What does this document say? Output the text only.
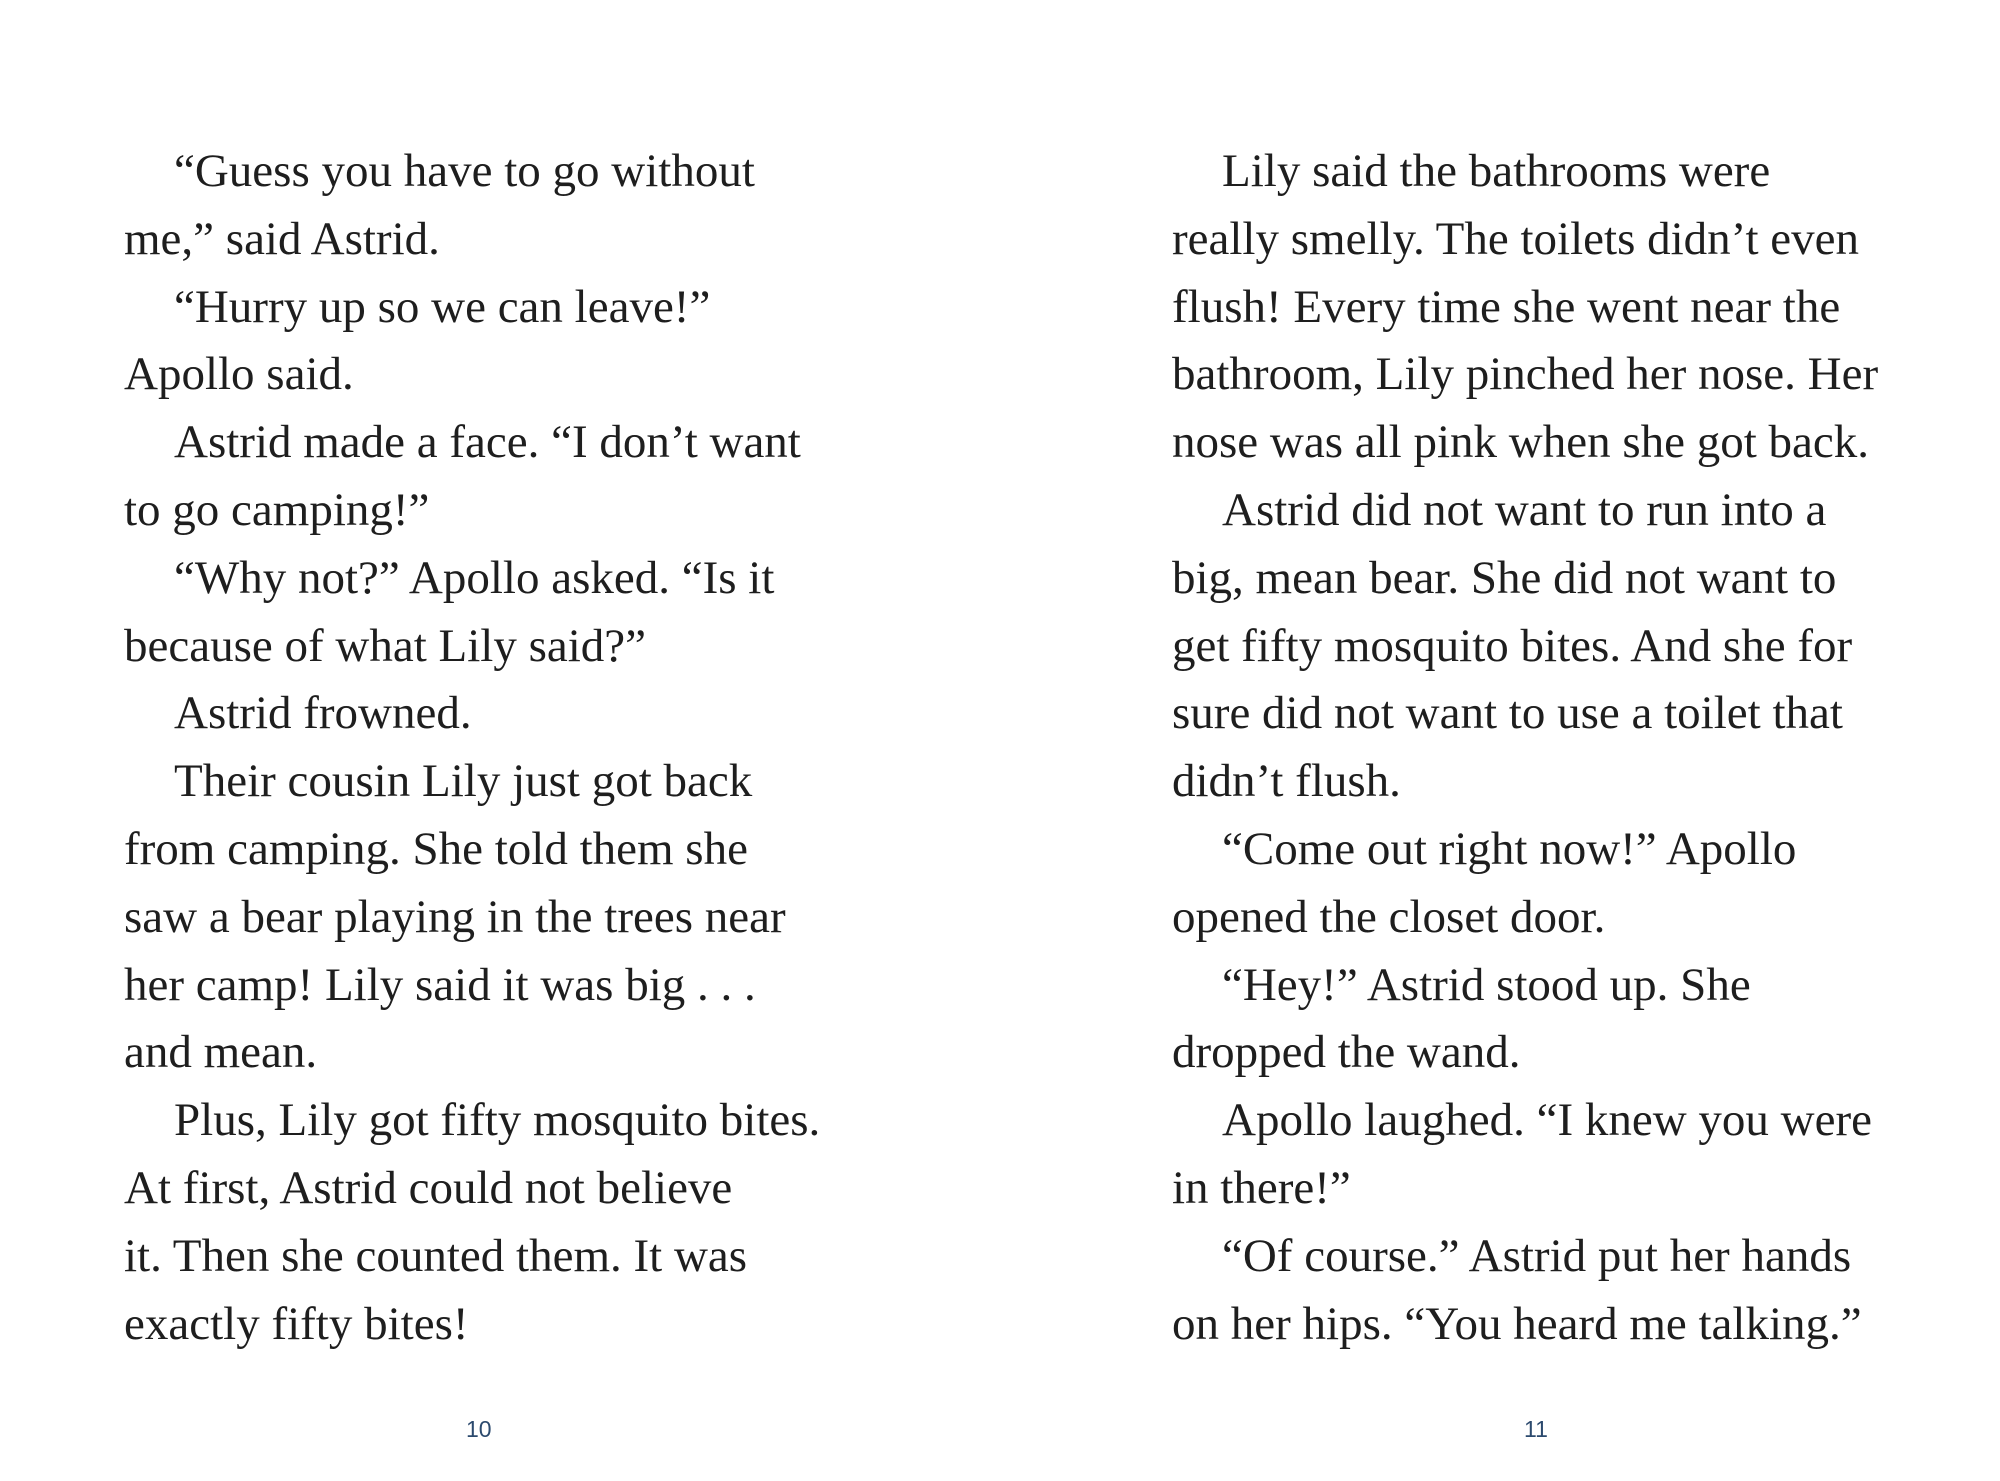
“Guess you have to go without

me,” said Astrid.

“Hurry up so we can leave!”

Apollo said.

Astrid made a face. “I don’t want

to go camping!”

“Why not?” Apollo asked. “Is it

because of what Lily said?”

Astrid frowned.

Their cousin Lily just got back

from camping. She told them she

saw a bear playing in the trees near

her camp! Lily said it was big . . .

and mean.

Plus, Lily got fifty mosquito bites.

At first, Astrid could not believe

it. Then she counted them. It was

exactly fifty bites!

10

Lily said the bathrooms were

really smelly. The toilets didn’t even

flush! Every time she went near the

bathroom, Lily pinched her nose. Her

nose was all pink when she got back.

Astrid did not want to run into a

big, mean bear. She did not want to

get fifty mosquito bites. And she for

sure did not want to use a toilet that

didn’t flush.

“Come out right now!” Apollo

opened the closet door.

“Hey!” Astrid stood up. She

dropped the wand.

Apollo laughed. “I knew you were

in there!”

“Of course.” Astrid put her hands

on her hips. “You heard me talking.”

11
